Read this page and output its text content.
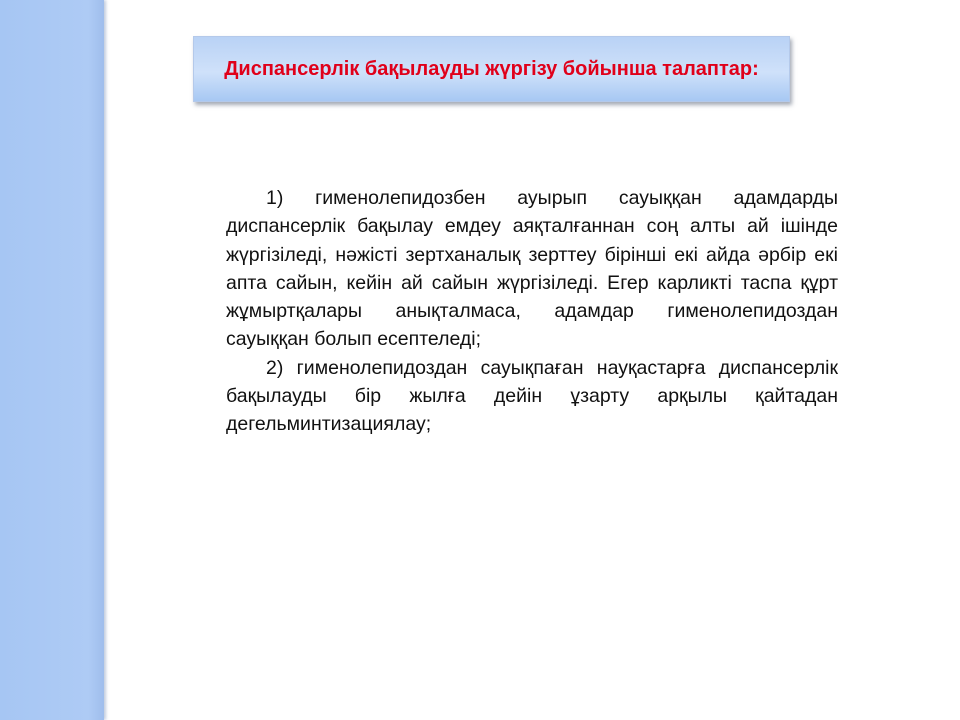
Диспансерлік бақылауды жүргізу бойынша талаптар:

1) гименолепидозбен ауырып сауыққан адамдарды диспансерлік бақылау емдеу аяқталғаннан соң алты ай ішінде жүргізіледі, нәжісті зертханалық зерттеу бірінші екі айда әрбір екі апта сайын, кейін ай сайын жүргізіледі. Егер карликті таспа құрт жұмыртқалары анықталмаса, адамдар гименолепидоздан сауыққан болып есептеледі;

2) гименолепидоздан сауықпаған науқастарға диспансерлік бақылауды бір жылға дейін ұзарту арқылы қайтадан дегельминтизациялау;
